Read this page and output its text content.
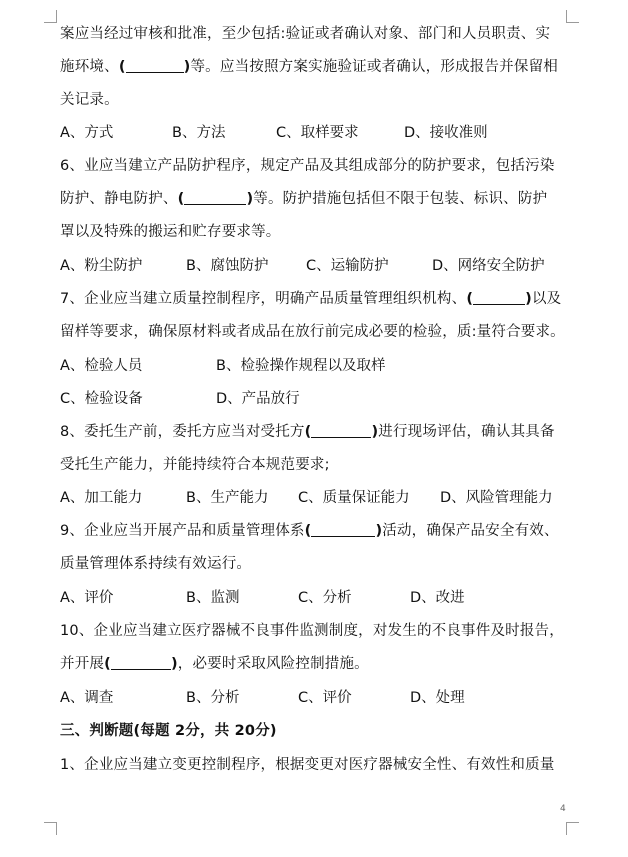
案应当经过审核和批准，至少包括:验证或者确认对象、部门和人员职责、实
施环境、(	)等。应当按照方案实施验证或者确认，形成报告并保留相
关记录。
A、方式	B、方法	C、取样要求	D、接收准则
6、业应当建立产品防护程序，规定产品及其组成部分的防护要求，包括污染
防护、静电防护、(	)等。防护措施包括但不限于包装、标识、防护
罩以及特殊的搬运和贮存要求等。
A、粉尘防护	B、腐蚀防护	C、运输防护	D、网络安全防护
7、企业应当建立质量控制程序，明确产品质量管理组织机构、(	)以及
留样等要求，确保原材料或者成品在放行前完成必要的检验，质:量符合要求。
A、检验人员	B、检验操作规程以及取样
C、检验设备	D、产品放行
8、委托生产前，委托方应当对受托方(	)进行现场评估，确认其具备
受托生产能力，并能持续符合本规范要求;
A、加工能力	B、生产能力 C、质量保证能力 D、风险管理能力
9、企业应当开展产品和质量管理体系(	)活动，确保产品安全有效、
质量管理体系持续有效运行。
A、评价	B、监测	C、分析	D、改进
10、企业应当建立医疗器械不良事件监测制度，对发生的不良事件及时报告，
并开展(	)，必要时采取风险控制措施。
A、调查	B、分析	C、评价	D、处理
三、判断题(每题 2分，共 20分)
1、企业应当建立变更控制程序，根据变更对医疗器械安全性、有效性和质量
4
